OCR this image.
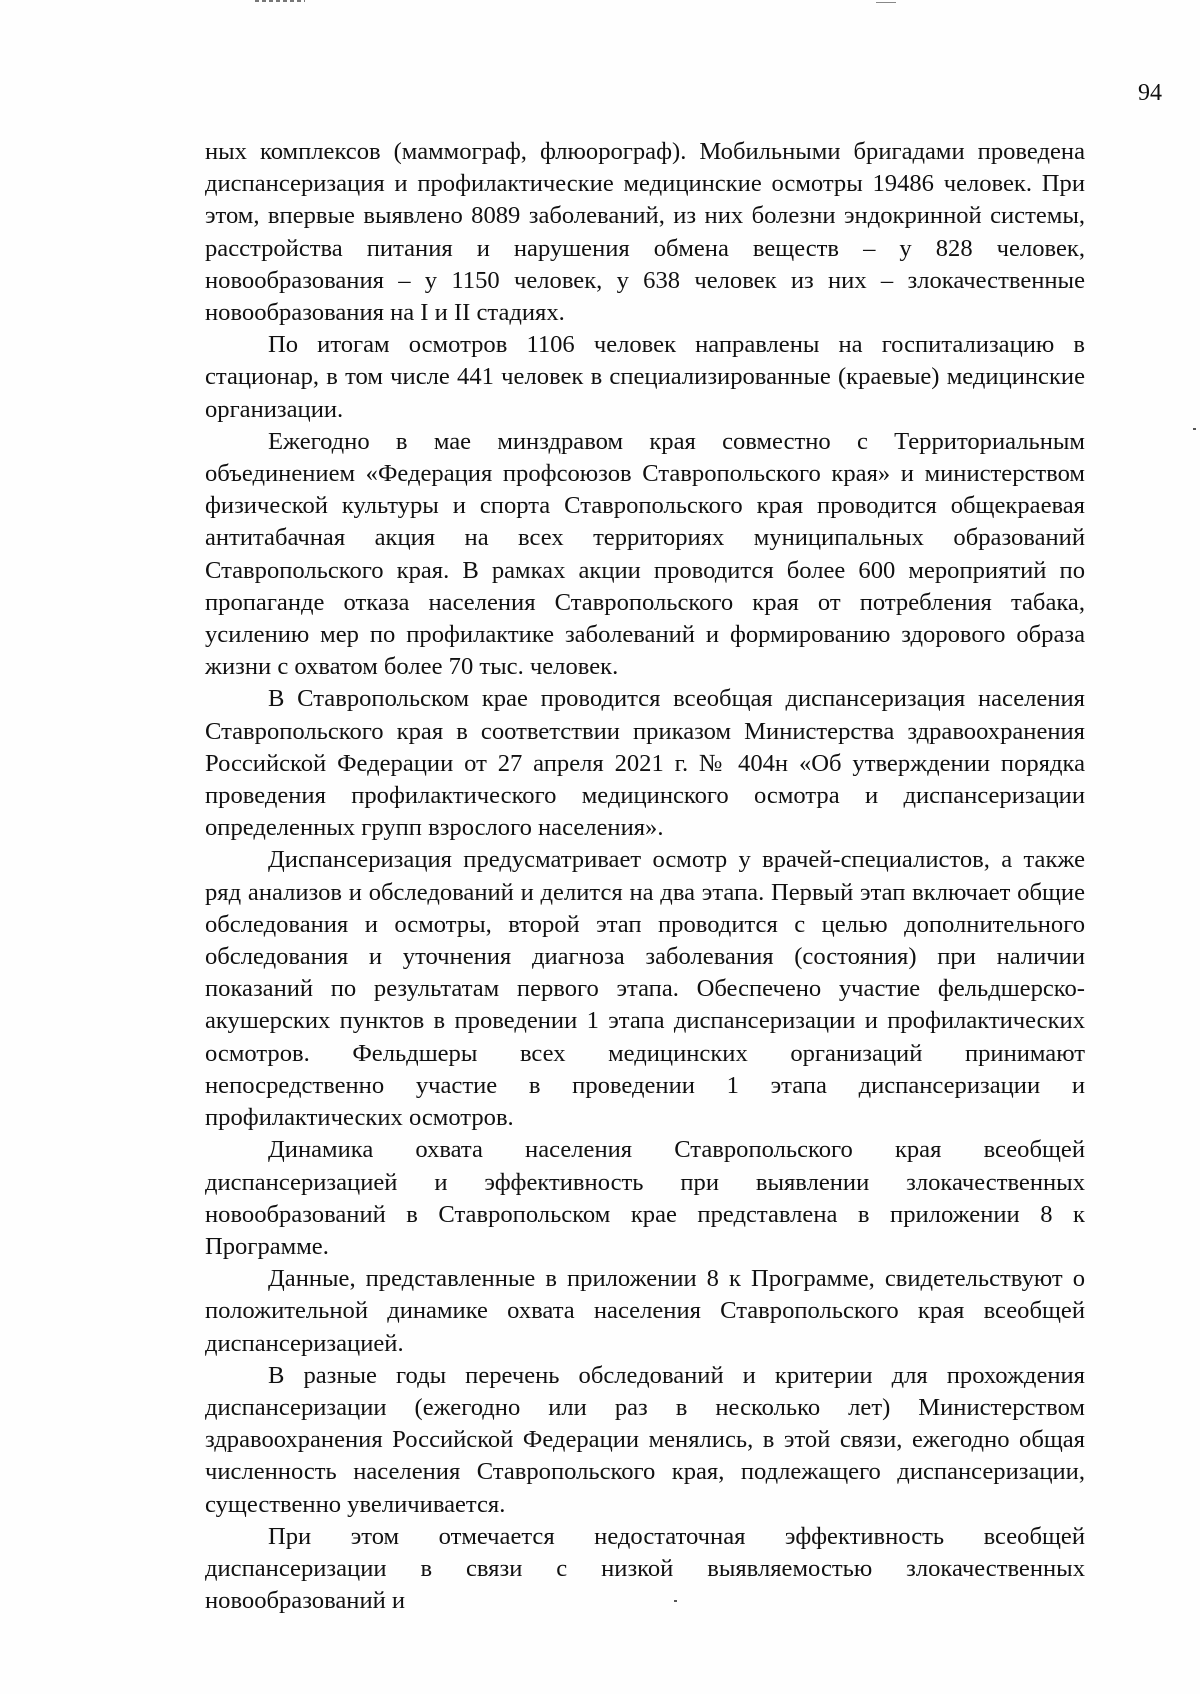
94

ных комплексов (маммограф, флюорограф). Мобильными бригадами проведена диспансеризация и профилактические медицинские осмотры 19486 человек. При этом, впервые выявлено 8089 заболеваний, из них болезни эндокринной системы, расстройства питания и нарушения обмена веществ – у 828 человек, новообразования – у 1150 человек, у 638 человек из них – злокачественные новообразования на I и II стадиях.

По итогам осмотров 1106 человек направлены на госпитализацию в стационар, в том числе 441 человек в специализированные (краевые) медицинские организации.

Ежегодно в мае минздравом края совместно с Территориальным объединением «Федерация профсоюзов Ставропольского края» и министерством физической культуры и спорта Ставропольского края проводится общекраевая антитабачная акция на всех территориях муниципальных образований Ставропольского края. В рамках акции проводится более 600 мероприятий по пропаганде отказа населения Ставропольского края от потребления табака, усилению мер по профилактике заболеваний и формированию здорового образа жизни с охватом более 70 тыс. человек.

В Ставропольском крае проводится всеобщая диспансеризация населения Ставропольского края в соответствии приказом Министерства здравоохранения Российской Федерации от 27 апреля 2021 г. № 404н «Об утверждении порядка проведения профилактического медицинского осмотра и диспансеризации определенных групп взрослого населения».

Диспансеризация предусматривает осмотр у врачей-специалистов, а также ряд анализов и обследований и делится на два этапа. Первый этап включает общие обследования и осмотры, второй этап проводится с целью дополнительного обследования и уточнения диагноза заболевания (состояния) при наличии показаний по результатам первого этапа. Обеспечено участие фельдшерско-акушерских пунктов в проведении 1 этапа диспансеризации и профилактических осмотров. Фельдшеры всех медицинских организаций принимают непосредственно участие в проведении 1 этапа диспансеризации и профилактических осмотров.

Динамика охвата населения Ставропольского края всеобщей диспансеризацией и эффективность при выявлении злокачественных новообразований в Ставропольском крае представлена в приложении 8 к Программе.

Данные, представленные в приложении 8 к Программе, свидетельствуют о положительной динамике охвата населения Ставропольского края всеобщей диспансеризацией.

В разные годы перечень обследований и критерии для прохождения диспансеризации (ежегодно или раз в несколько лет) Министерством здравоохранения Российской Федерации менялись, в этой связи, ежегодно общая численность населения Ставропольского края, подлежащего диспансеризации, существенно увеличивается.

При этом отмечается недостаточная эффективность всеобщей диспансеризации в связи с низкой выявляемостью злокачественных новообразований и
